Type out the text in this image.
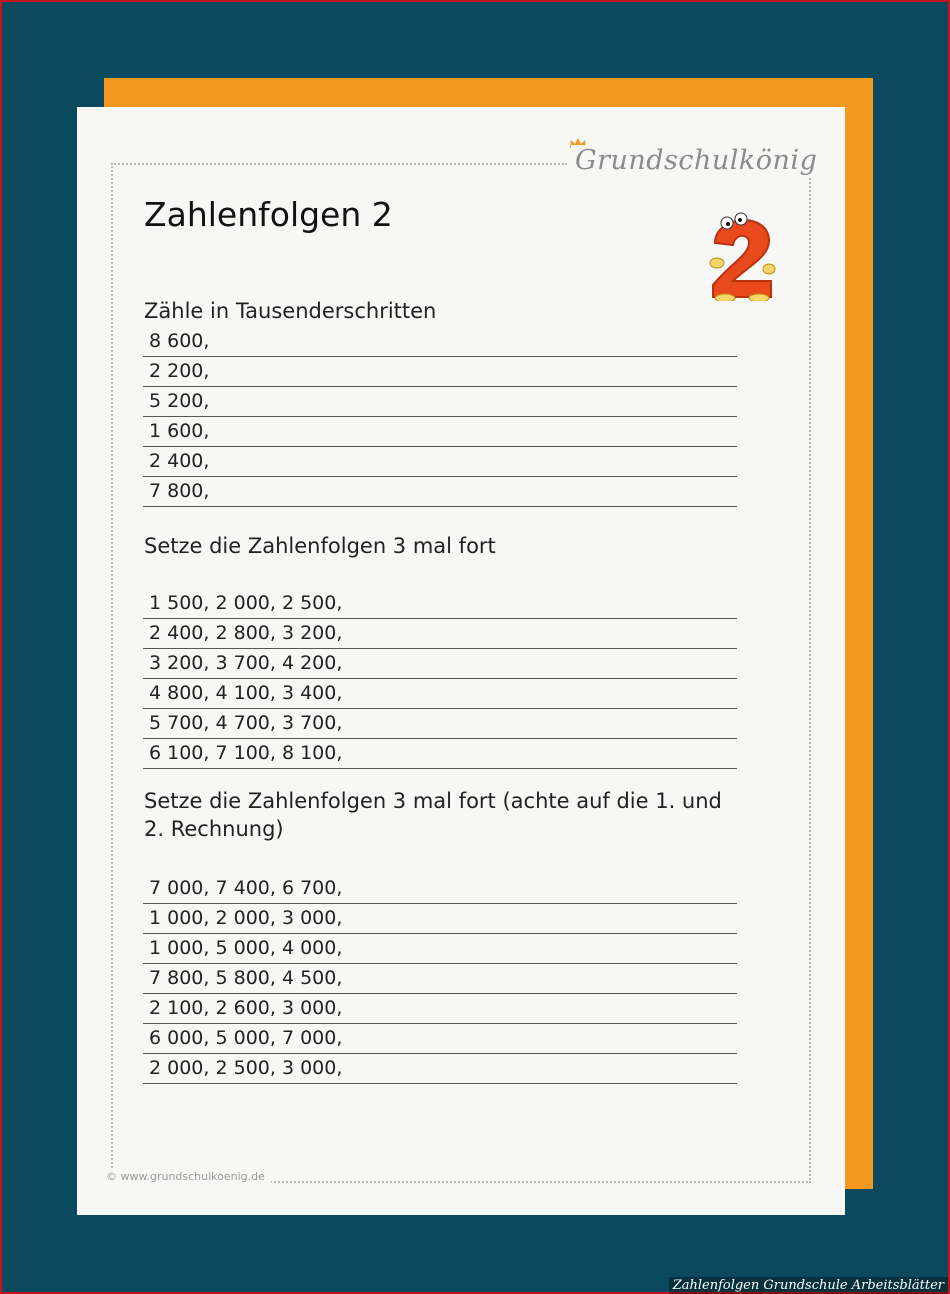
Grundschulkönig
Zahlenfolgen 2
Zähle in Tausenderschritten
8 600,
2 200,
5 200,
1 600,
2 400,
7 800,
Setze die Zahlenfolgen 3 mal fort
1 500, 2 000, 2 500,
2 400, 2 800, 3 200,
3 200, 3 700, 4 200,
4 800, 4 100, 3 400,
5 700, 4 700, 3 700,
6 100, 7 100, 8 100,
Setze die Zahlenfolgen 3 mal fort (achte auf die 1. und 2. Rechnung)
7 000, 7 400, 6 700,
1 000, 2 000, 3 000,
1 000, 5 000, 4 000,
7 800, 5 800, 4 500,
2 100, 2 600, 3 000,
6 000, 5 000, 7 000,
2 000, 2 500, 3 000,
© www.grundschulkoenig.de
Zahlenfolgen Grundschule Arbeitsblätter
